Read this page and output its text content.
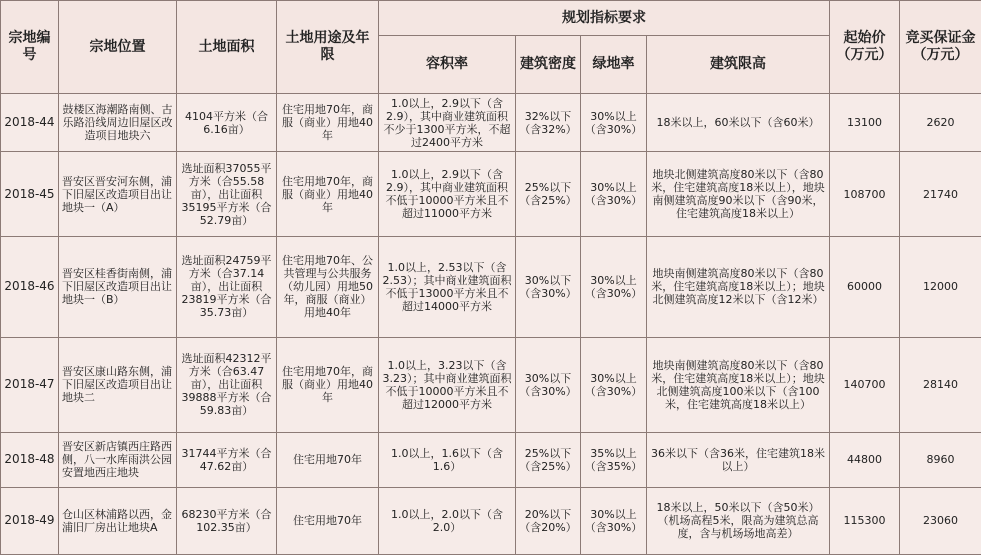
宗地编号	宗地位置	土地面积	土地用途及年限	规划指标要求				起始价（万元）	竞买保证金（万元）
				容积率	建筑密度	绿地率	建筑限高		
2018-44	鼓楼区海潮路南侧、古乐路沿线周边旧屋区改造项目地块六	4104平方米（合6.16亩）	住宅用地70年，商服（商业）用地40年	1.0以上，2.9以下（含2.9），其中商业建筑面积不少于1300平方米，不超过2400平方米	32%以下（含32%）	30%以上（含30%）	18米以上，60米以下（含60米）	13100	2620
2018-45	晋安区晋安河东侧，浦下旧屋区改造项目出让地块一（A）	选址面积37055平方米（合55.58亩），出让面积35195平方米（合52.79亩）	住宅用地70年，商服（商业）用地40年	1.0以上，2.9以下（含2.9），其中商业建筑面积不低于10000平方米且不超过11000平方米	25%以下（含25%）	30%以上（含30%）	地块北侧建筑高度80米以下（含80米，住宅建筑高度18米以上），地块南侧建筑高度90米以下（含90米，住宅建筑高度18米以上）	108700	21740
2018-46	晋安区桂香街南侧，浦下旧屋区改造项目出让地块一（B）	选址面积24759平方米（合37.14亩），出让面积23819平方米（合35.73亩）	住宅用地70年、公共管理与公共服务（幼儿园）用地50年，商服（商业）用地40年	1.0以上，2.53以下（含2.53）；其中商业建筑面积不低于13000平方米且不超过14000平方米	30%以下（含30%）	30%以上（含30%）	地块南侧建筑高度80米以下（含80米，住宅建筑高度18米以上）；地块北侧建筑高度12米以下（含12米）	60000	12000
2018-47	晋安区康山路东侧，浦下旧屋区改造项目出让地块二	选址面积42312平方米（合63.47亩），出让面积39888平方米（合59.83亩）	住宅用地70年，商服（商业）用地40年	1.0以上，3.23以下（含3.23）；其中商业建筑面积不低于10000平方米且不超过12000平方米	30%以下（含30%）	30%以上（含30%）	地块南侧建筑高度80米以下（含80米，住宅建筑高度18米以上）；地块北侧建筑高度100米以下（含100米，住宅建筑高度18米以上）	140700	28140
2018-48	晋安区新店镇西庄路西侧，八一水库雨洪公园安置地西庄地块	31744平方米（合47.62亩）	住宅用地70年	1.0以上，1.6以下（含1.6）	25%以下（含25%）	35%以上（含35%）	36米以下（含36米，住宅建筑18米以上）	44800	8960
2018-49	仓山区林浦路以西，金浦旧厂房出让地块A	68230平方米（合102.35亩）	住宅用地70年	1.0以上，2.0以下（含2.0）	20%以下（含20%）	30%以上（含30%）	18米以上，50米以下（含50米）（机场高程5米，限高为建筑总高度，含与机场场地高差）	115300	23060
